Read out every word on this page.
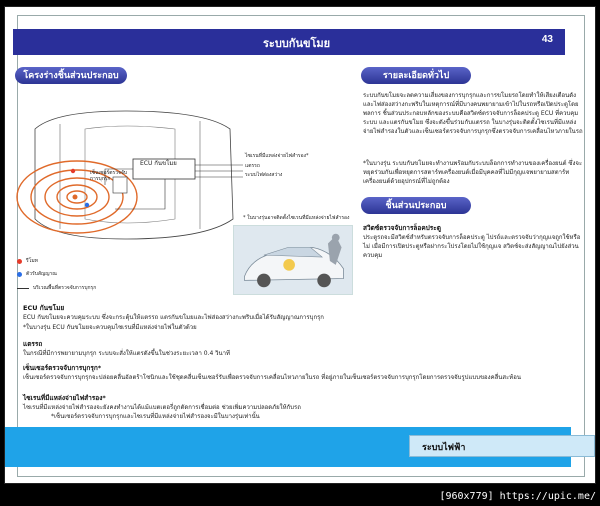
ระบบกันขโมย	43
โครงร่างชิ้นส่วนประกอบ	รายละเอียดทั่วไป
ECU กันขโมย
เซ็นเซอร์ตรวจจับการบุกรุก
ไซเรนที่มีแหล่งจ่ายไฟสำรอง*
แตรรถ
ระบบไฟส่องสว่าง
รีโมท
ตัวรับสัญญาณ
บริเวณพื้นที่ตรวจจับการบุกรุก
* ในบางรุ่นอาจติดตั้งไซเรนที่มีแหล่งจ่ายไฟสำรอง
ชิ้นส่วนประกอบ
ระบบกันขโมยจะลดความเสี่ยงของการบุกรุกและการขโมยรถโดยทำให้เสียงเตือนดังและไฟส่องสว่างกะพริบในเหตุการณ์ที่มีบางคนพยายามเข้าไปในรถหรือเปิดประตูโดยพลการ ชิ้นส่วนประกอบหลักของระบบคือสวิตซ์ตรวจจับการล็อคประตู ECU ที่ควบคุมระบบ และแตรกันขโมย ซึ่งจะดังขึ้นร่วมกับแตรรถ ในบางรุ่นจะติดตั้งไซเรนที่มีแหล่งจ่ายไฟสำรองในตัวและเซ็นเซอร์ตรวจจับการบุกรุกซึ่งตรวจจับการเคลื่อนไหวภายในรถ
*ในบางรุ่น ระบบกันขโมยจะทำงานพร้อมกับระบบล็อกการทำงานของเครื่องยนต์ ซึ่งจะหยุดร่วมกันเพื่อหยุดการสตาร์ทเครื่องยนต์เมื่อมีบุคคลที่ไม่มีกุญแจพยายามสตาร์ทเครื่องยนต์ด้วยอุปกรณ์ที่ไม่ถูกต้อง
สวิตซ์ตรวจจับการล็อคประตู
ประตูรถจะมีสวิตช์สำหรับตรวจจับการล็อคประตู ไปรถ์และตรวจจับว่ากุญแจถูกใช้หรือไม่ เมื่อมีการเปิดประตูหรือฝากระโปรงโดยไม่ใช้กุญแจ สวิตช์จะส่งสัญญาณไปยังส่วนควบคุม
ECU กันขโมย
ECU กันขโมยจะควบคุมระบบ ซึ่งจะกระตุ้นให้แตรรถ แตรกันขโมยและไฟส่องสว่างกะพริบเมื่อได้รับสัญญาณการบุกรุก
*ในบางรุ่น ECU กันขโมยจะควบคุมไซเรนที่มีแหล่งจ่ายไฟในตัวด้วย
แตรรถ
ในกรณีที่มีการพยายามบุกรุก ระบบจะสั่งให้แตรดังขึ้นในช่วงระยะเวลา 0.4 วินาที
เซ็นเซอร์ตรวจจับการบุกรุก*
เซ็นเซอร์ตรวจจับการบุกรุกจะปล่อยคลื่นอัลตร้าโซนิกและใช้ชุดคลื่นเซ็นเซอร์รับเพื่อตรวจจับการเคลื่อนไหวภายในรถ ที่อยู่ภายในเซ็นเซอร์ตรวจจับการบุกรุกโดยการตรวจจับรูปแบบของคลื่นสะท้อน
ไซเรนที่มีแหล่งจ่ายไฟสำรอง*
ไซเรนที่มีแหล่งจ่ายไฟสำรองจะยังคงทำงานได้แม้แบตเตอรี่ถูกตัดการเชื่อมต่อ ช่วยเพิ่มความปลอดภัยให้กับรถ
*เซ็นเซอร์ตรวจจับการบุกรุกและไซเรนที่มีแหล่งจ่ายไฟสำรองจะมีในบางรุ่นเท่านั้น
ระบบไฟฟ้า
[960x779] https://upic.me/
